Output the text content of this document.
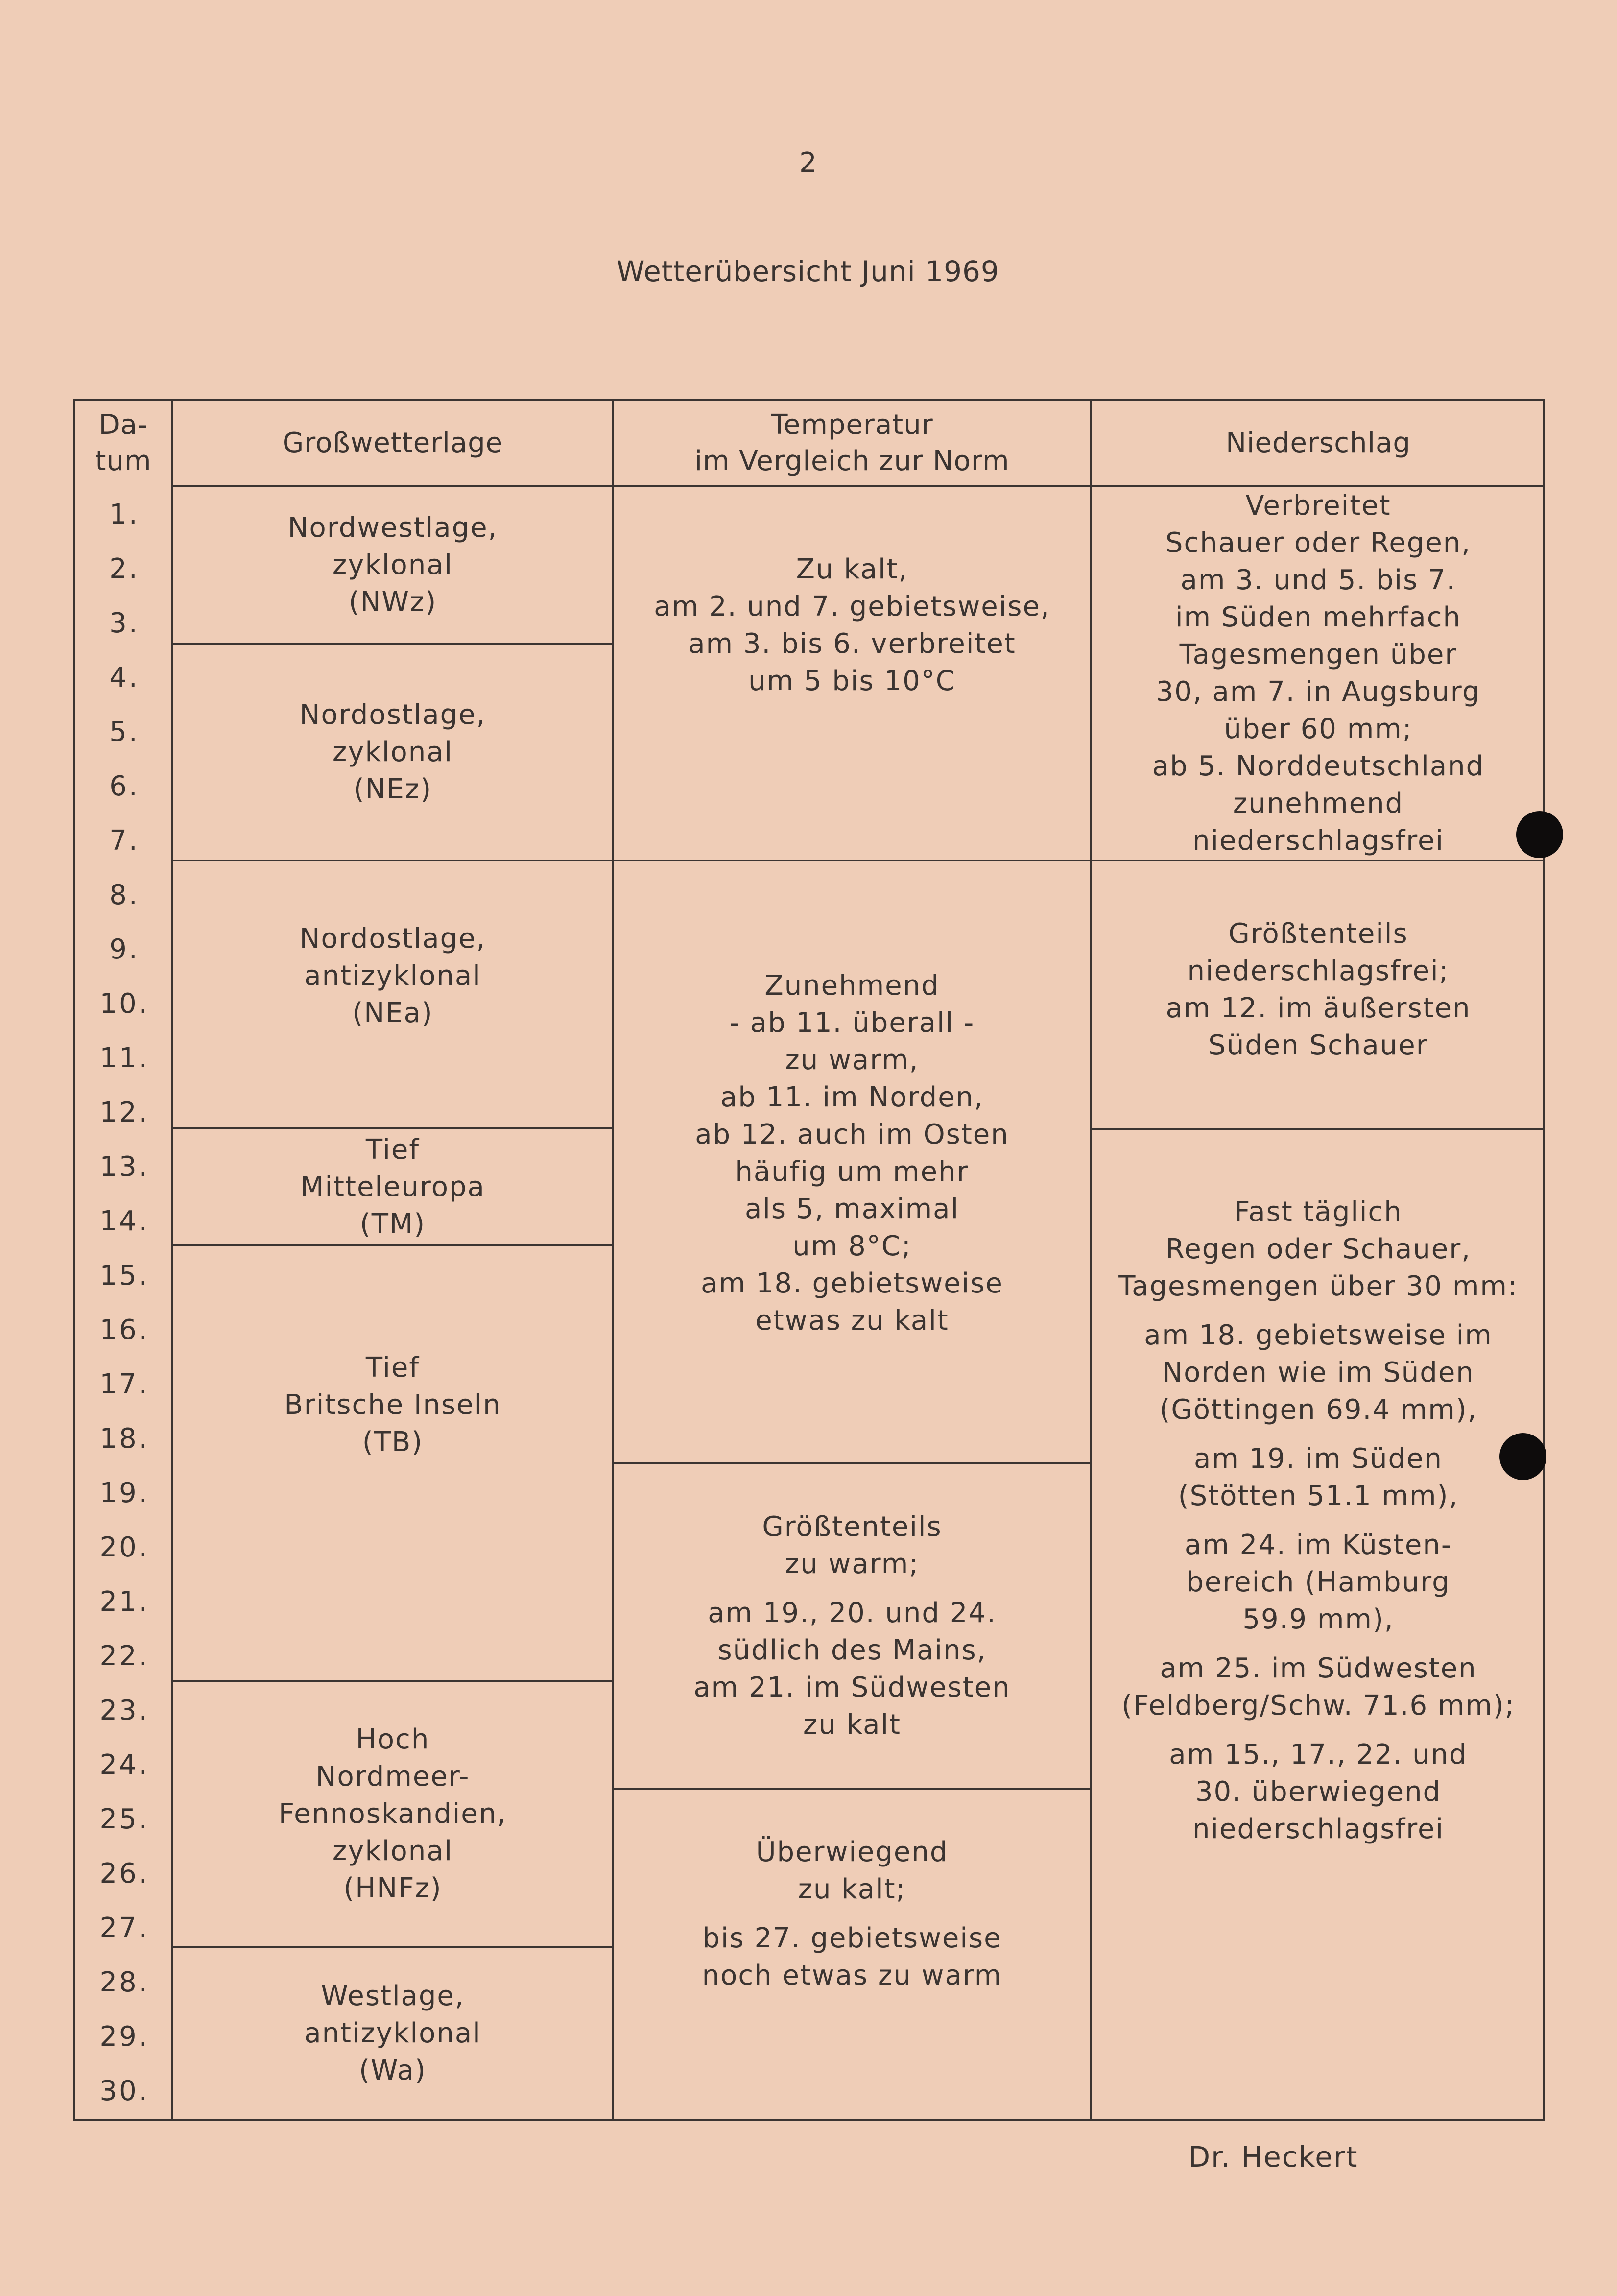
2
Wetterübersicht Juni 1969
Da-
tum
Großwetterlage
Temperatur
im Vergleich zur Norm
Niederschlag
1.
2.
3.
4.
5.
6.
7.
8.
9.
10.
11.
12.
13.
14.
15.
16.
17.
18.
19.
20.
21.
22.
23.
24.
25.
26.
27.
28.
29.
30.
Nordwestlage,
zyklonal
(NWz)
Nordostlage,
zyklonal
(NEz)
Nordostlage,
antizyklonal
(NEa)
Tief
Mitteleuropa
(TM)
Tief
Britsche Inseln
(TB)
Hoch
Nordmeer-
Fennoskandien,
zyklonal
(HNFz)
Westlage,
antizyklonal
(Wa)
Zu kalt,
am 2. und 7. gebietsweise,
am 3. bis 6. verbreitet
um 5 bis 10°C
Zunehmend
- ab 11. überall -
zu warm,
ab 11. im Norden,
ab 12. auch im Osten
häufig um mehr
als 5, maximal
um 8°C;
am 18. gebietsweise
etwas zu kalt
Größtenteils
zu warm;
am 19., 20. und 24.
südlich des Mains,
am 21. im Südwesten
zu kalt
Überwiegend
zu kalt;
bis 27. gebietsweise
noch etwas zu warm
Verbreitet
Schauer oder Regen,
am 3. und 5. bis 7.
im Süden mehrfach
Tagesmengen über
30, am 7. in Augsburg
über 60 mm;
ab 5. Norddeutschland
zunehmend
niederschlagsfrei
Größtenteils
niederschlagsfrei;
am 12. im äußersten
Süden Schauer
Fast täglich
Regen oder Schauer,
Tagesmengen über 30 mm:
am 18. gebietsweise im
Norden wie im Süden
(Göttingen 69.4 mm),
am 19. im Süden
(Stötten 51.1 mm),
am 24. im Küsten-
bereich (Hamburg
59.9 mm),
am 25. im Südwesten
(Feldberg/Schw. 71.6 mm);
am 15., 17., 22. und
30. überwiegend
niederschlagsfrei
Dr. Heckert
